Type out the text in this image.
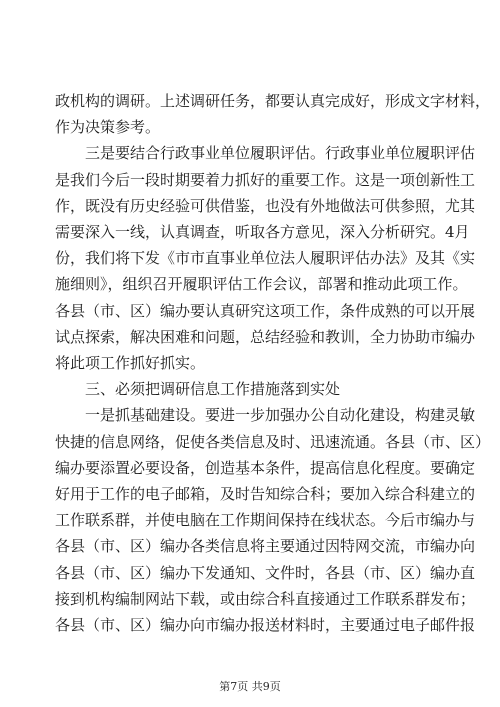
政机构的调研。上述调研任务，都要认真完成好，形成文字材料，
作为决策参考。
　　三是要结合行政事业单位履职评估。行政事业单位履职评估
是我们今后一段时期要着力抓好的重要工作。这是一项创新性工
作，既没有历史经验可供借鉴，也没有外地做法可供参照，尤其
需要深入一线，认真调查，听取各方意见，深入分析研究。4月
份，我们将下发《市市直事业单位法人履职评估办法》及其《实
施细则》，组织召开履职评估工作会议，部署和推动此项工作。
各县（市、区）编办要认真研究这项工作，条件成熟的可以开展
试点探索，解决困难和问题，总结经验和教训，全力协助市编办
将此项工作抓好抓实。
　　三、必须把调研信息工作措施落到实处
　　一是抓基础建设。要进一步加强办公自动化建设，构建灵敏
快捷的信息网络，促使各类信息及时、迅速流通。各县（市、区）
编办要添置必要设备，创造基本条件，提高信息化程度。要确定
好用于工作的电子邮箱，及时告知综合科；要加入综合科建立的
工作联系群，并使电脑在工作期间保持在线状态。今后市编办与
各县（市、区）编办各类信息将主要通过因特网交流，市编办向
各县（市、区）编办下发通知、文件时，各县（市、区）编办直
接到机构编制网站下载，或由综合科直接通过工作联系群发布；
各县（市、区）编办向市编办报送材料时，主要通过电子邮件报
第7页 共9页
